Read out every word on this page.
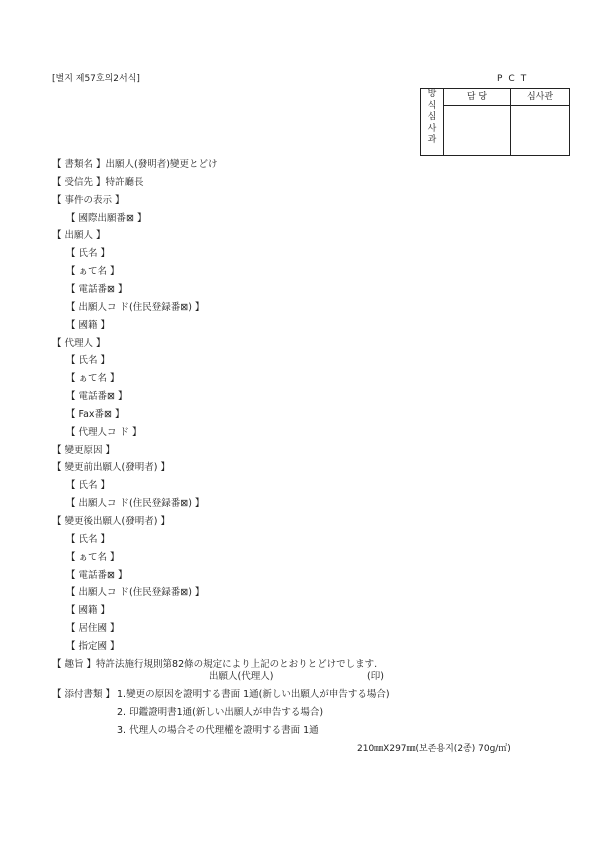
[별지 제57호의2서식]	PCT
방
식
심
사
과	담 당	심사관

【 書類名 】出願人(發明者)變更とどけ
【 受信先 】特許廳長
【 事件の表示 】
【 國際出願番⊠ 】
【 出願人 】
【 氏名 】
【 ぁて名 】
【 電話番⊠ 】
【 出願人コ ド(住民登録番⊠) 】
【 國籍 】
【 代理人 】
【 氏名 】
【 ぁて名 】
【 電話番⊠ 】
【 Fax番⊠ 】
【 代理人コ ド 】
【 變更原因 】
【 變更前出願人(發明者) 】
【 氏名 】
【 出願人コ ド(住民登録番⊠) 】
【 變更後出願人(發明者) 】
【 氏名 】
【 ぁて名 】
【 電話番⊠ 】
【 出願人コ ド(住民登録番⊠) 】
【 國籍 】
【 居住國 】
【 指定國 】
【 趣旨 】特許法施行規則第82條の規定により上記のとおりとどけでします.
出願人(代理人)	(印)
【 添付書類 】 1.變更の原因を證明する書面 1通(新しい出願人が申告する場合)
2. 印鑑證明書1通(新しい出願人が申告する場合)
3. 代理人の場合その代理權を證明する書面 1通
210㎜X297㎜(보존용지(2종) 70g/㎡)
